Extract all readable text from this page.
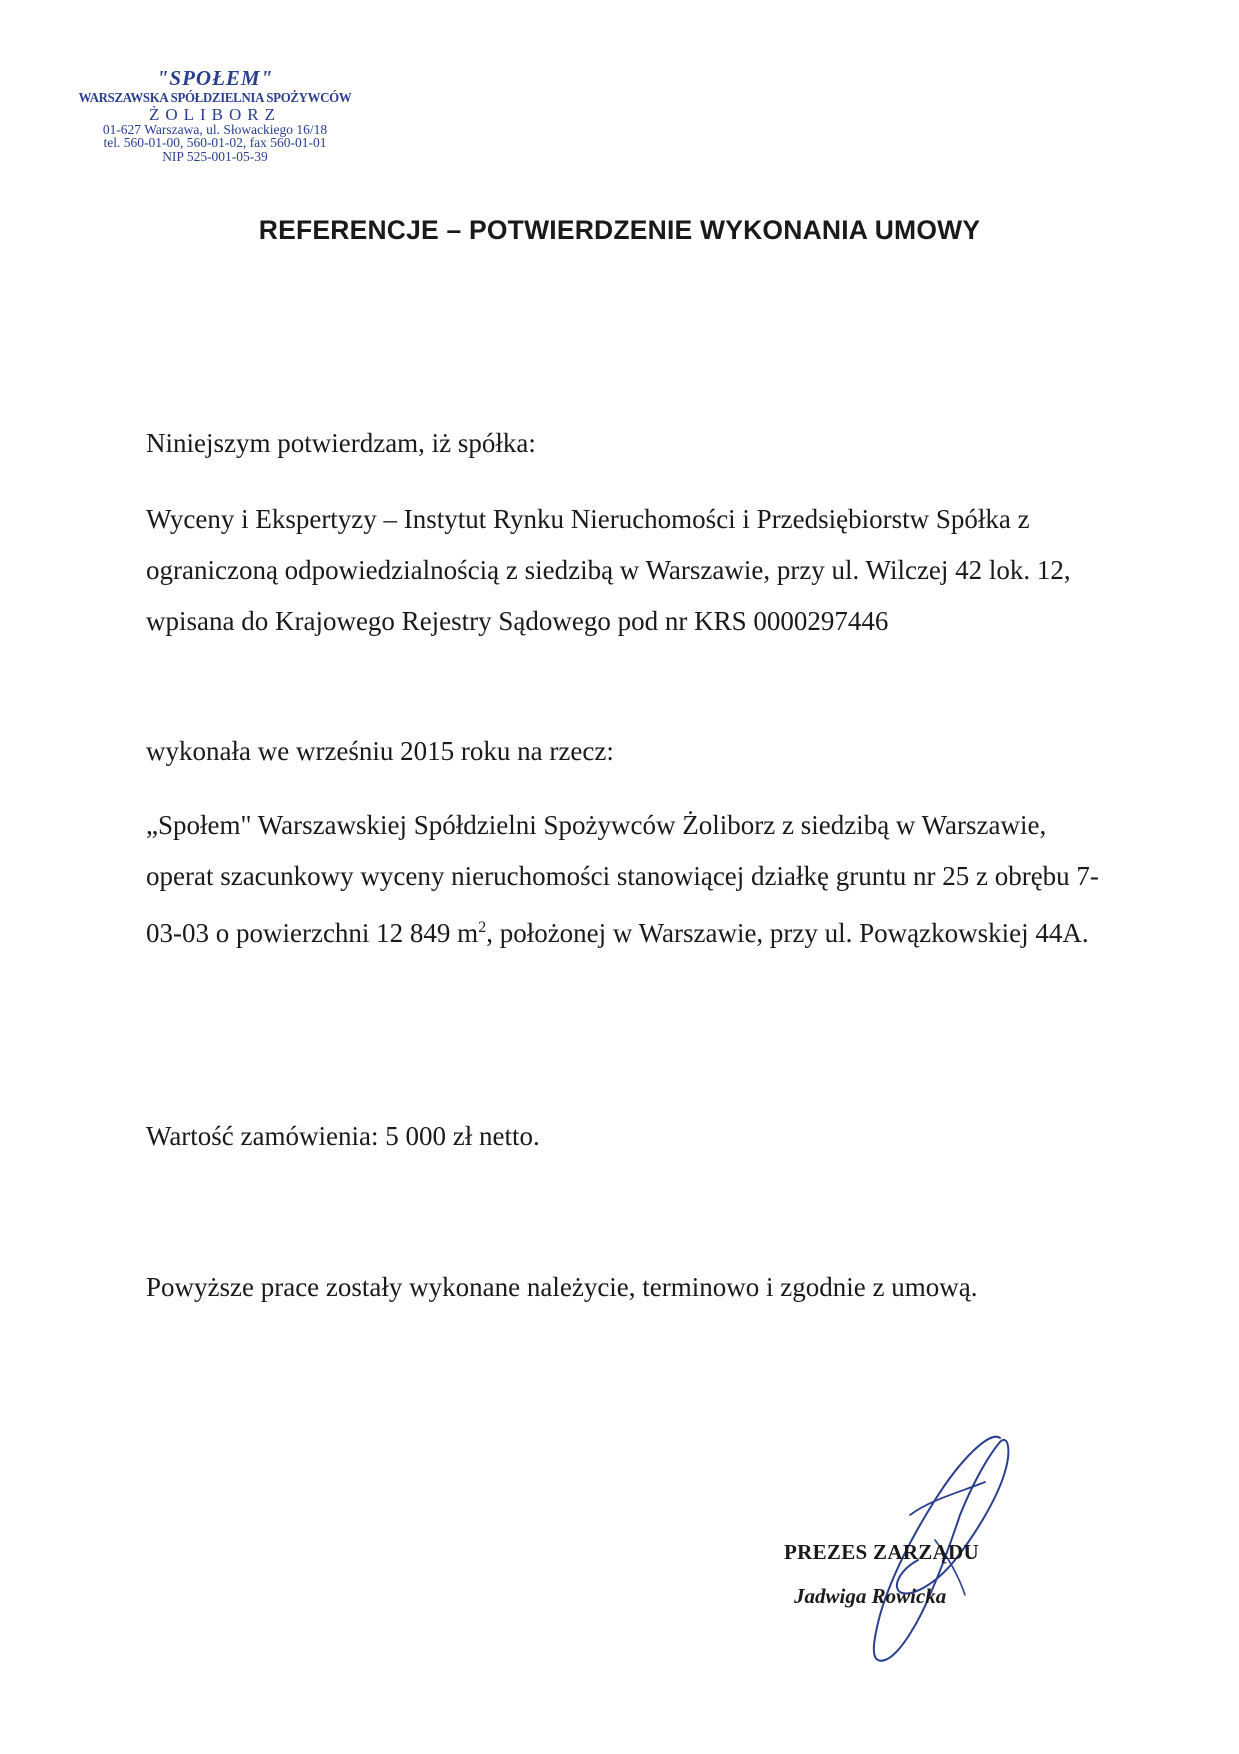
"SPOŁEM"
WARSZAWSKA SPÓŁDZIELNIA SPOŻYWCÓW
ŻOLIBORZ
01-627 Warszawa, ul. Słowackiego 16/18
tel. 560-01-00, 560-01-02, fax 560-01-01
NIP 525-001-05-39
REFERENCJE – POTWIERDZENIE WYKONANIA UMOWY

Niniejszym potwierdzam, iż spółka:

Wyceny i Ekspertyzy – Instytut Rynku Nieruchomości i Przedsiębiorstw Spółka z ograniczoną odpowiedzialnością z siedzibą w Warszawie, przy ul. Wilczej 42 lok. 12, wpisana do Krajowego Rejestry Sądowego pod nr KRS 0000297446

wykonała we wrześniu 2015 roku na rzecz:

„Społem" Warszawskiej Spółdzielni Spożywców Żoliborz z siedzibą w Warszawie, operat szacunkowy wyceny nieruchomości stanowiącej działkę gruntu nr 25 z obrębu 7-03-03 o powierzchni 12 849 $m^2$, położonej w Warszawie, przy ul. Powązkowskiej 44A.

Wartość zamówienia: 5 000 zł netto.

Powyższe prace zostały wykonane należycie, terminowo i zgodnie z umową.

PREZES ZARZĄDU
Jadwiga Rowicka
